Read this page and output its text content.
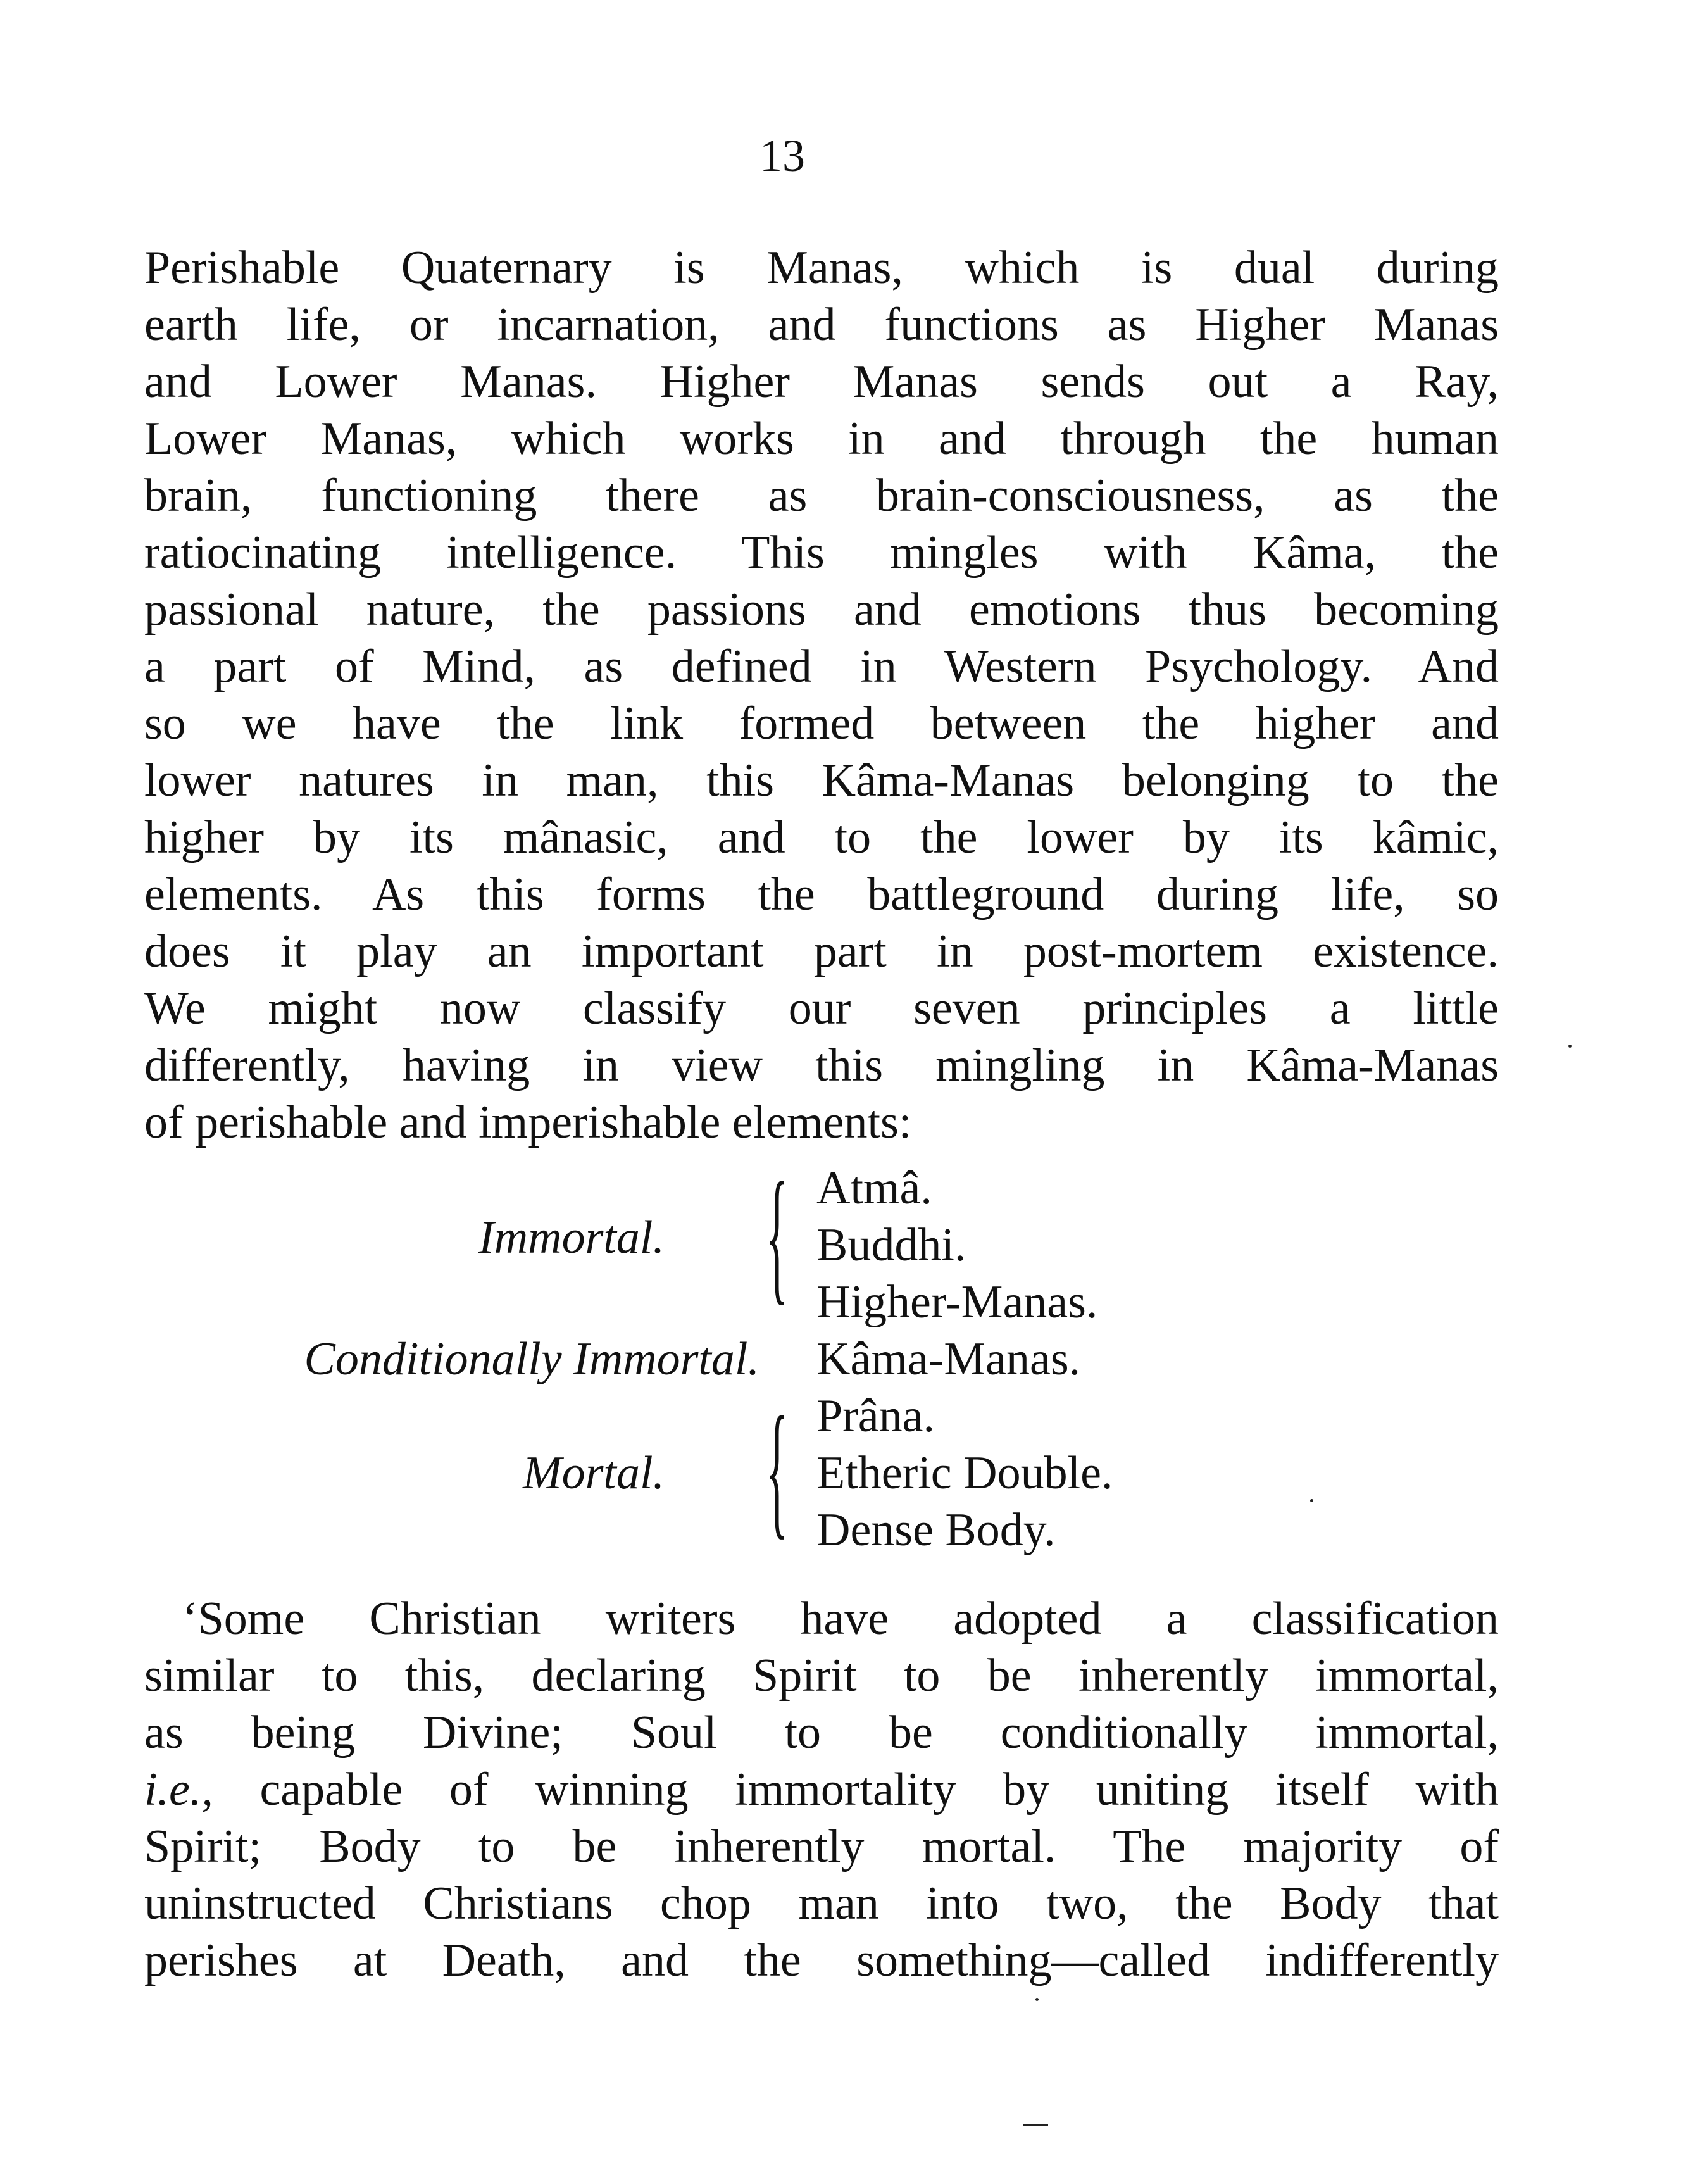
13
Perishable Quaternary is Manas, which is dual during
earth life, or incarnation, and functions as Higher Manas
and Lower Manas. Higher Manas sends out a Ray,
Lower Manas, which works in and through the human
brain, functioning there as brain-consciousness, as the
ratiocinating intelligence. This mingles with Kâma, the
passional nature, the passions and emotions thus becoming
a part of Mind, as defined in Western Psychology. And
so we have the link formed between the higher and
lower natures in man, this Kâma-Manas belonging to the
higher by its mânasic, and to the lower by its kâmic,
elements. As this forms the battleground during life, so
does it play an important part in post-mortem existence.
We might now classify our seven principles a little
differently, having in view this mingling in Kâma-Manas
of perishable and imperishable elements:
Immortal. { Atmâ.
Buddhi.
Higher-Manas.
Conditionally Immortal. Kâma-Manas.
Mortal. { Prâna.
Etheric Double.
Dense Body.
‘Some Christian writers have adopted a classification
similar to this, declaring Spirit to be inherently immortal,
as being Divine; Soul to be conditionally immortal,
i.e., capable of winning immortality by uniting itself with
Spirit; Body to be inherently mortal. The majority of
uninstructed Christians chop man into two, the Body that
perishes at Death, and the something—called indifferently
